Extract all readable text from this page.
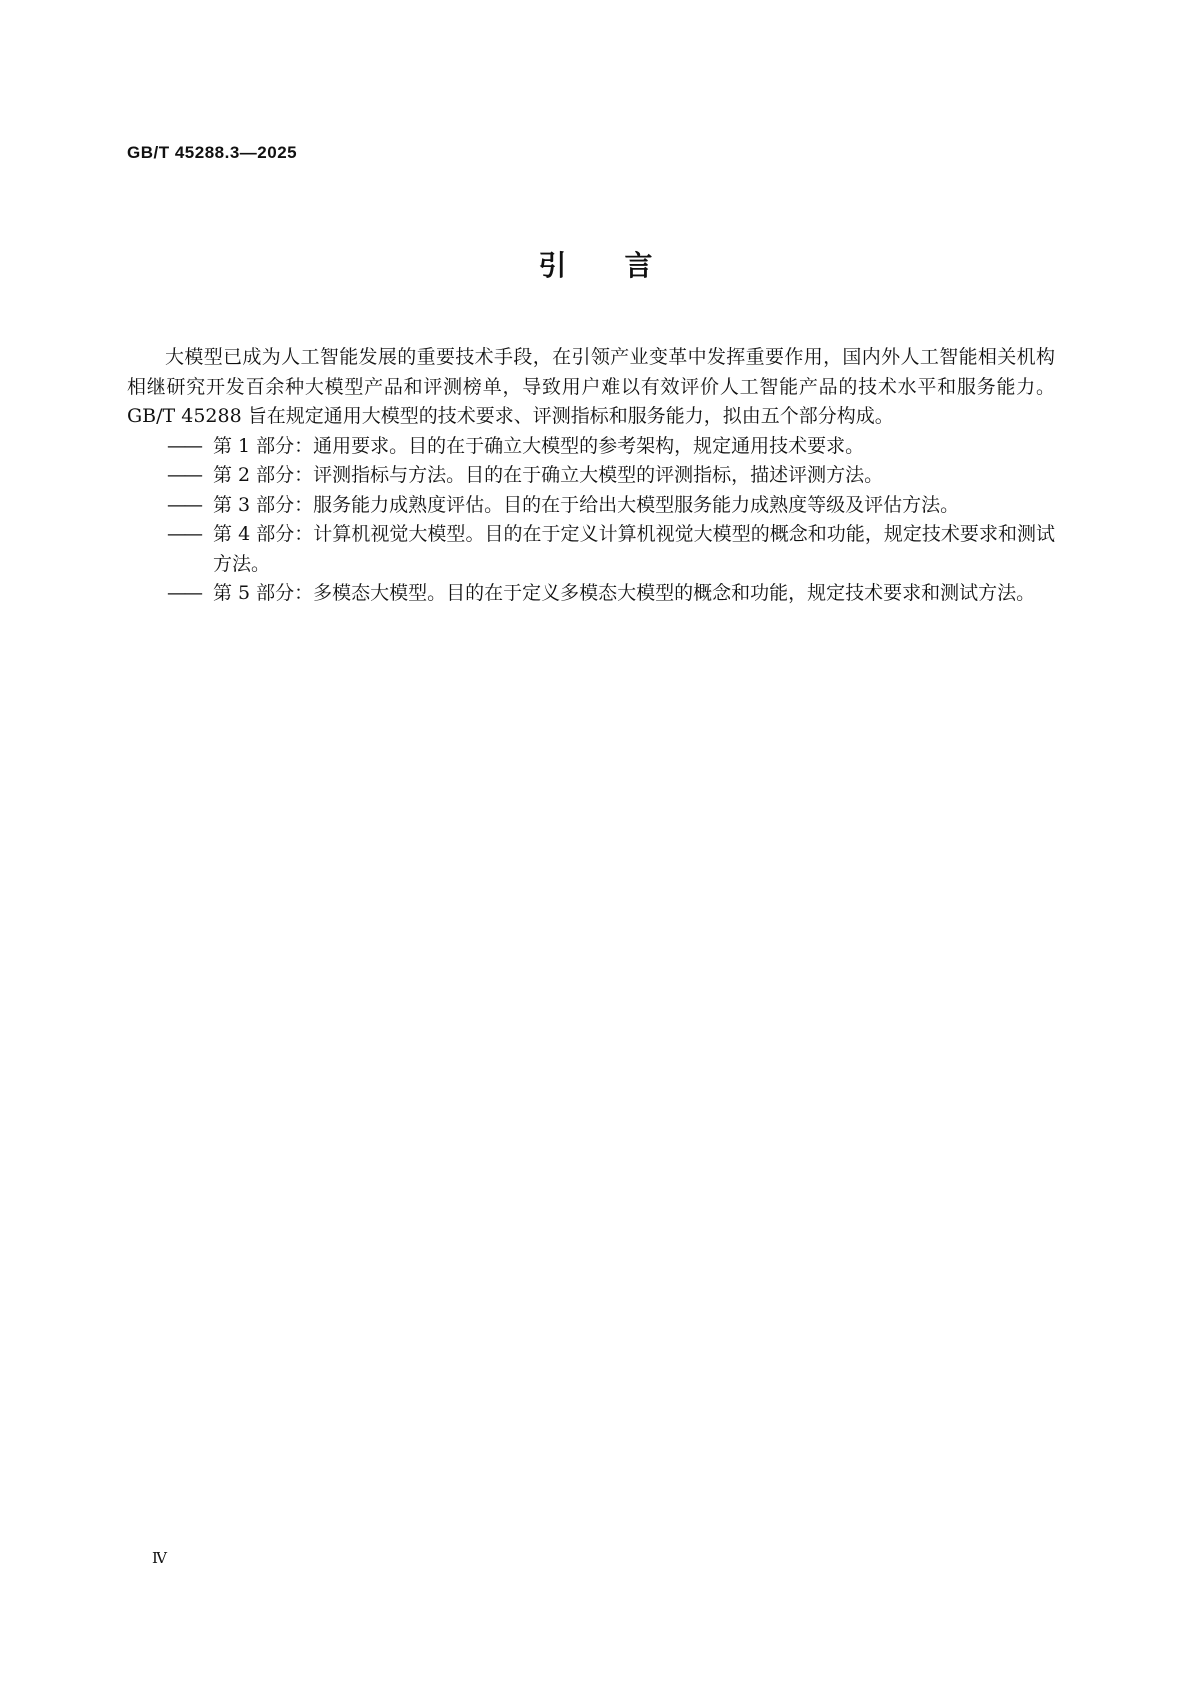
GB/T 45288.3—2025
引言

大模型已成为人工智能发展的重要技术手段，在引领产业变革中发挥重要作用，国内外人工智能相关机构相继研究开发百余种大模型产品和评测榜单，导致用户难以有效评价人工智能产品的技术水平和服务能力。GB/T 45288 旨在规定通用大模型的技术要求、评测指标和服务能力，拟由五个部分构成。

—— 第 1 部分：通用要求。目的在于确立大模型的参考架构，规定通用技术要求。
—— 第 2 部分：评测指标与方法。目的在于确立大模型的评测指标，描述评测方法。
—— 第 3 部分：服务能力成熟度评估。目的在于给出大模型服务能力成熟度等级及评估方法。
—— 第 4 部分：计算机视觉大模型。目的在于定义计算机视觉大模型的概念和功能，规定技术要求和测试方法。
—— 第 5 部分：多模态大模型。目的在于定义多模态大模型的概念和功能，规定技术要求和测试方法。
Ⅳ
